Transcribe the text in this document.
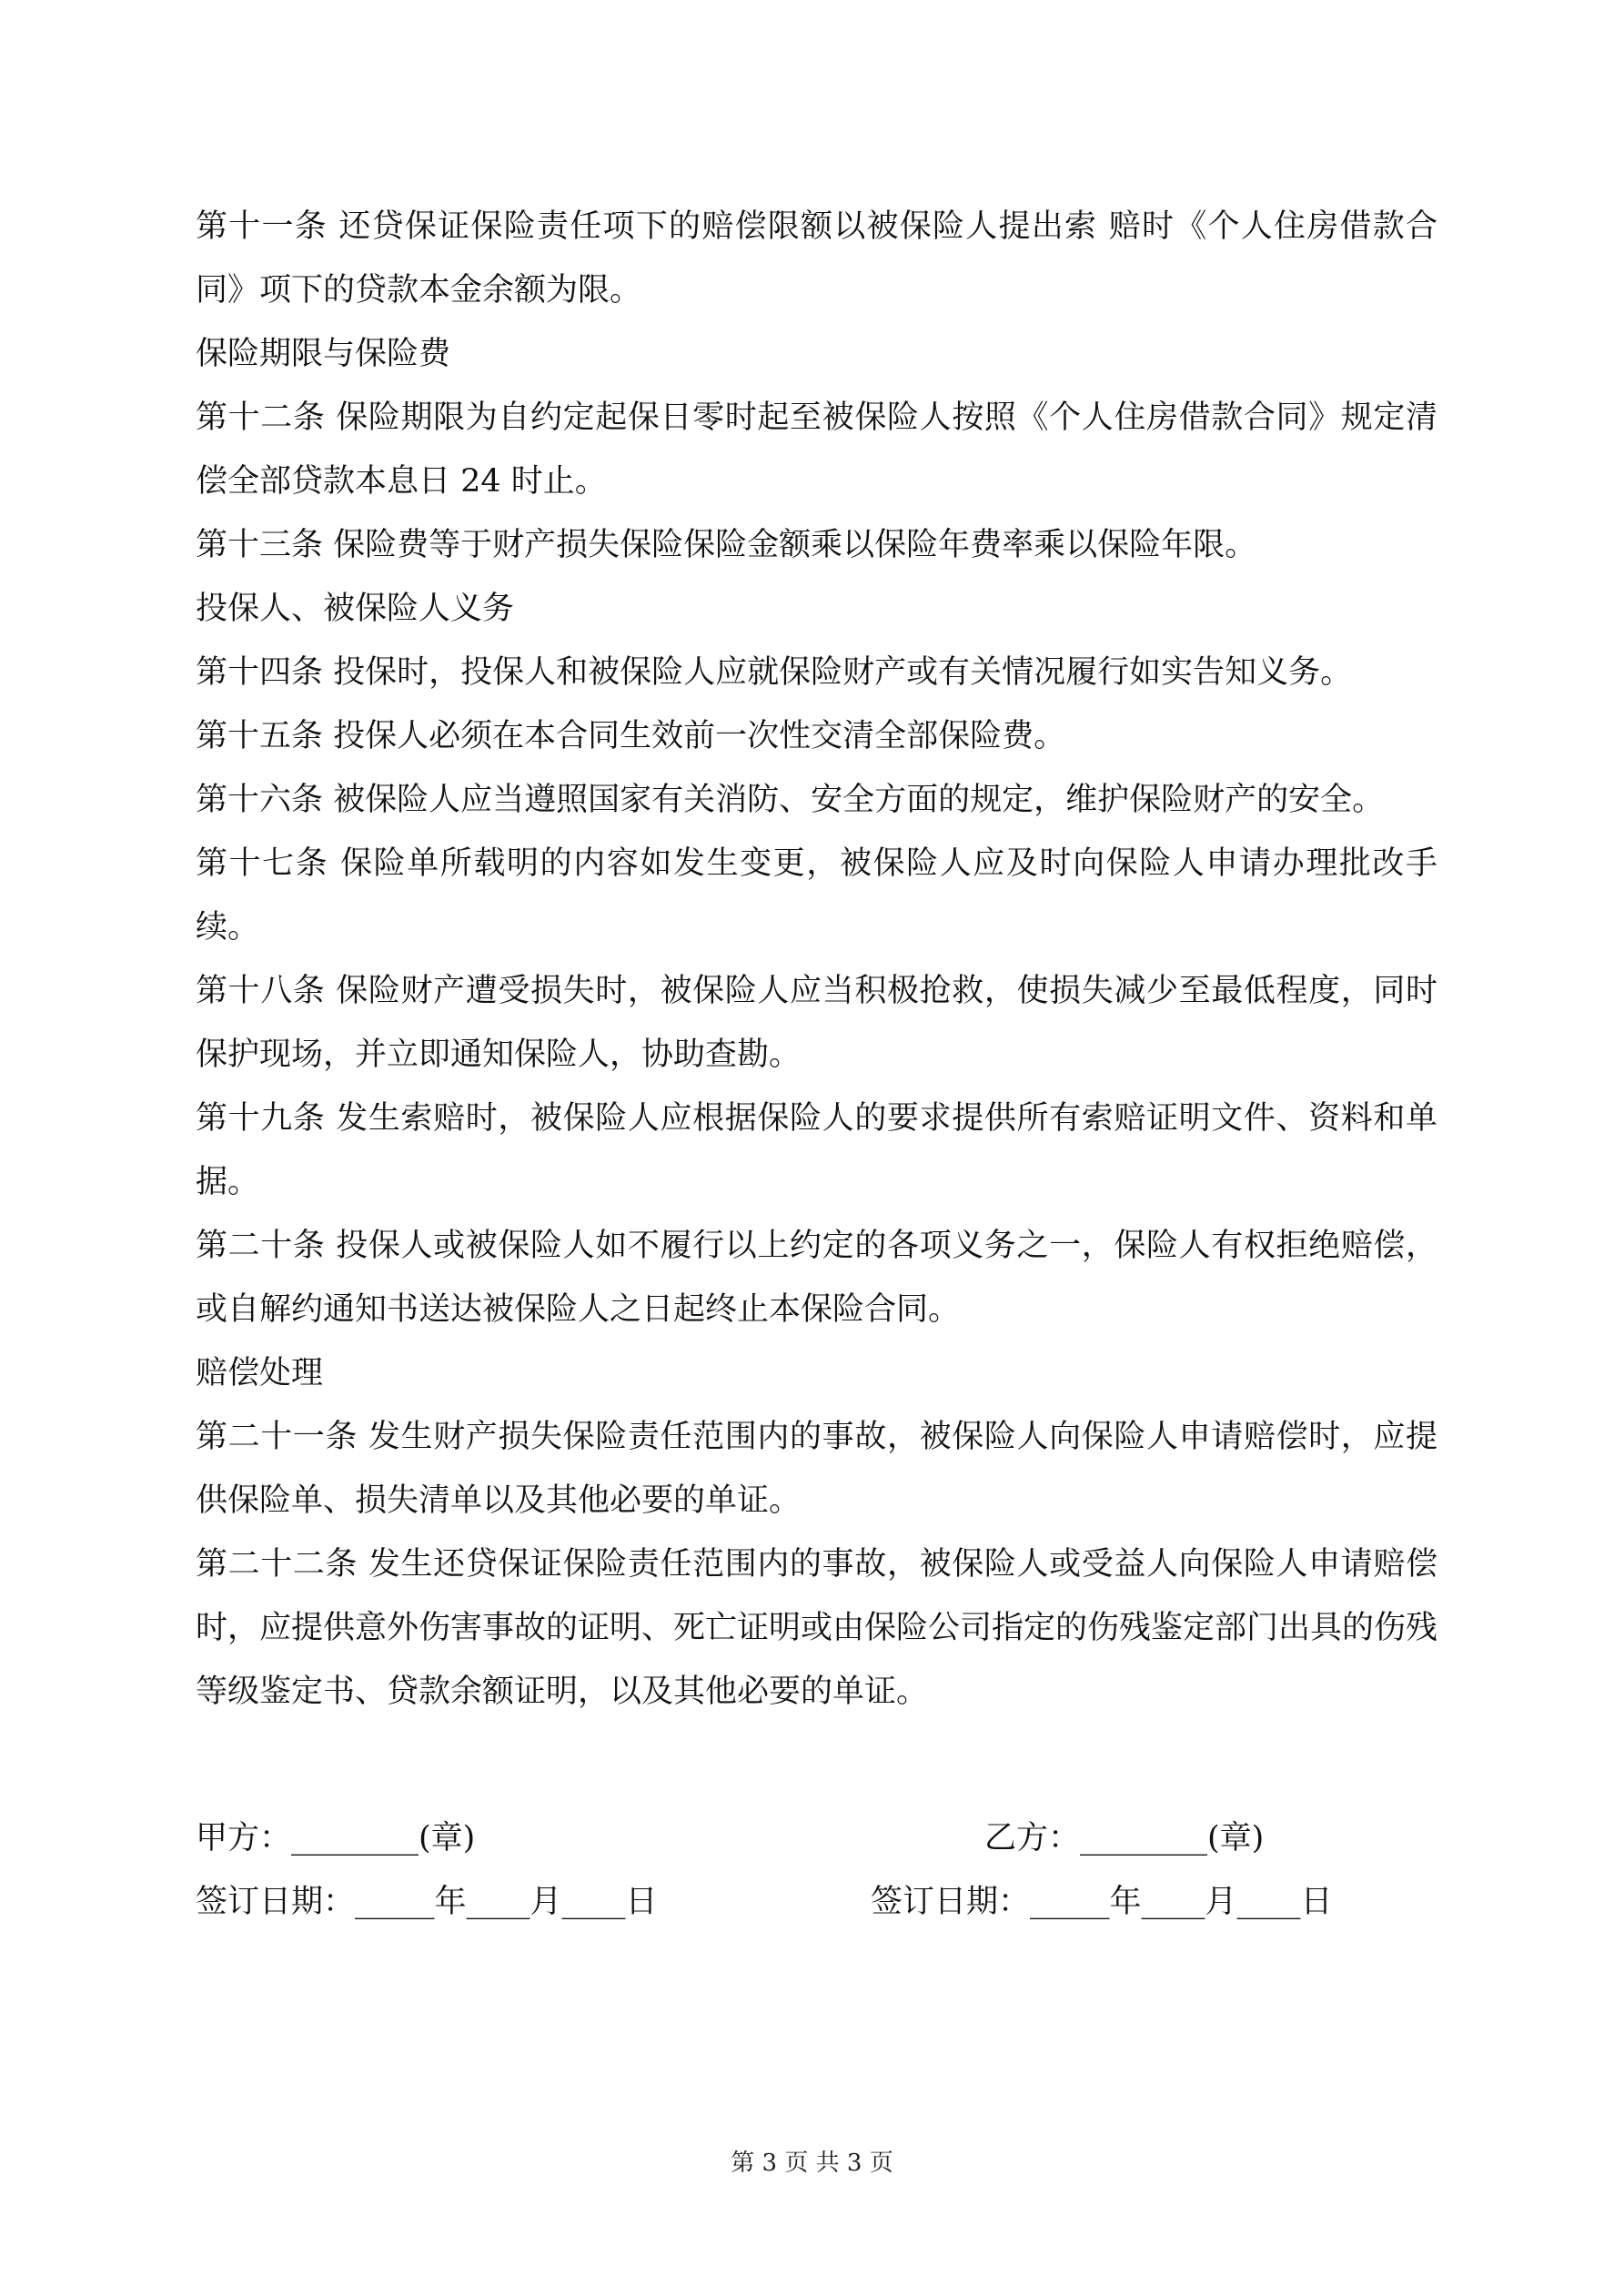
第十一条 还贷保证保险责任项下的赔偿限额以被保险人提出索 赔时《个人住房借款合同》项下的贷款本金余额为限。

保险期限与保险费

第十二条 保险期限为自约定起保日零时起至被保险人按照《个人住房借款合同》规定清偿全部贷款本息日 24 时止。

第十三条 保险费等于财产损失保险保险金额乘以保险年费率乘以保险年限。

投保人、被保险人义务

第十四条 投保时，投保人和被保险人应就保险财产或有关情况履行如实告知义务。

第十五条 投保人必须在本合同生效前一次性交清全部保险费。

第十六条 被保险人应当遵照国家有关消防、安全方面的规定，维护保险财产的安全。

第十七条 保险单所载明的内容如发生变更，被保险人应及时向保险人申请办理批改手续。

第十八条 保险财产遭受损失时，被保险人应当积极抢救，使损失减少至最低程度，同时保护现场，并立即通知保险人，协助查勘。

第十九条 发生索赔时，被保险人应根据保险人的要求提供所有索赔证明文件、资料和单据。

第二十条 投保人或被保险人如不履行以上约定的各项义务之一，保险人有权拒绝赔偿，或自解约通知书送达被保险人之日起终止本保险合同。

赔偿处理

第二十一条 发生财产损失保险责任范围内的事故，被保险人向保险人申请赔偿时，应提供保险单、损失清单以及其他必要的单证。

第二十二条 发生还贷保证保险责任范围内的事故，被保险人或受益人向保险人申请赔偿时，应提供意外伤害事故的证明、死亡证明或由保险公司指定的伤残鉴定部门出具的伤残等级鉴定书、贷款余额证明，以及其他必要的单证。

甲方：________(章)	乙方：________(章)
签订日期：_____年____月____日	签订日期：_____年____月____日
第 3 页 共 3 页
